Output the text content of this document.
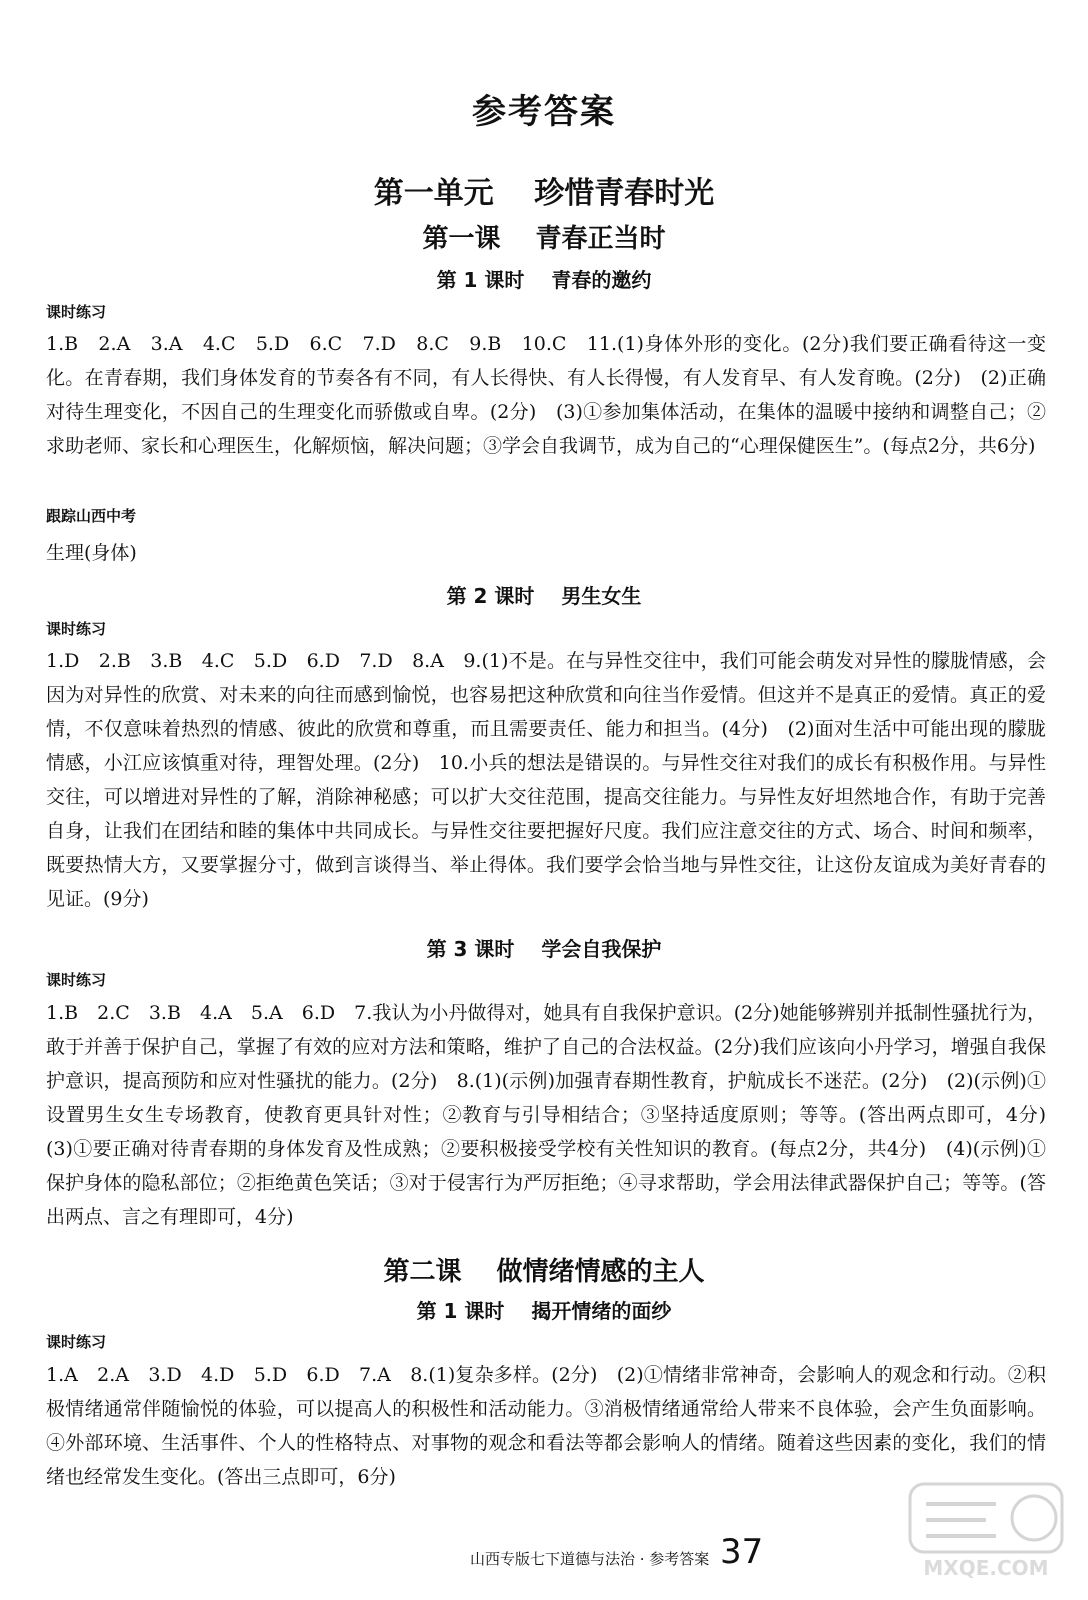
参考答案
第一单元　 珍惜青春时光
第一课　 青春正当时
第 1 课时　 青春的邀约
课时练习

1.B　2.A　3.A　4.C　5.D　6.C　7.D　8.C　9.B　10.C　11.(1)身体外形的变化。(2分)我们要正确看待这一变化。在青春期，我们身体发育的节奏各有不同，有人长得快、有人长得慢，有人发育早、有人发育晚。(2分)　(2)正确对待生理变化，不因自己的生理变化而骄傲或自卑。(2分)　(3)①参加集体活动，在集体的温暖中接纳和调整自己；②求助老师、家长和心理医生，化解烦恼，解决问题；③学会自我调节，成为自己的“心理保健医生”。(每点2分，共6分)

跟踪山西中考
生理(身体)
第 2 课时　 男生女生
课时练习

1.D　2.B　3.B　4.C　5.D　6.D　7.D　8.A　9.(1)不是。在与异性交往中，我们可能会萌发对异性的朦胧情感，会因为对异性的欣赏、对未来的向往而感到愉悦，也容易把这种欣赏和向往当作爱情。但这并不是真正的爱情。真正的爱情，不仅意味着热烈的情感、彼此的欣赏和尊重，而且需要责任、能力和担当。(4分)　(2)面对生活中可能出现的朦胧情感，小江应该慎重对待，理智处理。(2分)　10.小兵的想法是错误的。与异性交往对我们的成长有积极作用。与异性交往，可以增进对异性的了解，消除神秘感；可以扩大交往范围，提高交往能力。与异性友好坦然地合作，有助于完善自身，让我们在团结和睦的集体中共同成长。与异性交往要把握好尺度。我们应注意交往的方式、场合、时间和频率，既要热情大方，又要掌握分寸，做到言谈得当、举止得体。我们要学会恰当地与异性交往，让这份友谊成为美好青春的见证。(9分)

第 3 课时　 学会自我保护
课时练习

1.B　2.C　3.B　4.A　5.A　6.D　7.我认为小丹做得对，她具有自我保护意识。(2分)她能够辨别并抵制性骚扰行为，敢于并善于保护自己，掌握了有效的应对方法和策略，维护了自己的合法权益。(2分)我们应该向小丹学习，增强自我保护意识，提高预防和应对性骚扰的能力。(2分)　8.(1)(示例)加强青春期性教育，护航成长不迷茫。(2分)　(2)(示例)①设置男生女生专场教育，使教育更具针对性；②教育与引导相结合；③坚持适度原则；等等。(答出两点即可，4分)　(3)①要正确对待青春期的身体发育及性成熟；②要积极接受学校有关性知识的教育。(每点2分，共4分)　(4)(示例)①保护身体的隐私部位；②拒绝黄色笑话；③对于侵害行为严厉拒绝；④寻求帮助，学会用法律武器保护自己；等等。(答出两点、言之有理即可，4分)

第二课　 做情绪情感的主人
第 1 课时　 揭开情绪的面纱
课时练习

1.A　2.A　3.D　4.D　5.D　6.D　7.A　8.(1)复杂多样。(2分)　(2)①情绪非常神奇，会影响人的观念和行动。②积极情绪通常伴随愉悦的体验，可以提高人的积极性和活动能力。③消极情绪通常给人带来不良体验，会产生负面影响。④外部环境、生活事件、个人的性格特点、对事物的观念和看法等都会影响人的情绪。随着这些因素的变化，我们的情绪也经常发生变化。(答出三点即可，6分)

山西专版七下道德与法治 · 参考答案 37	MXQE.COM
